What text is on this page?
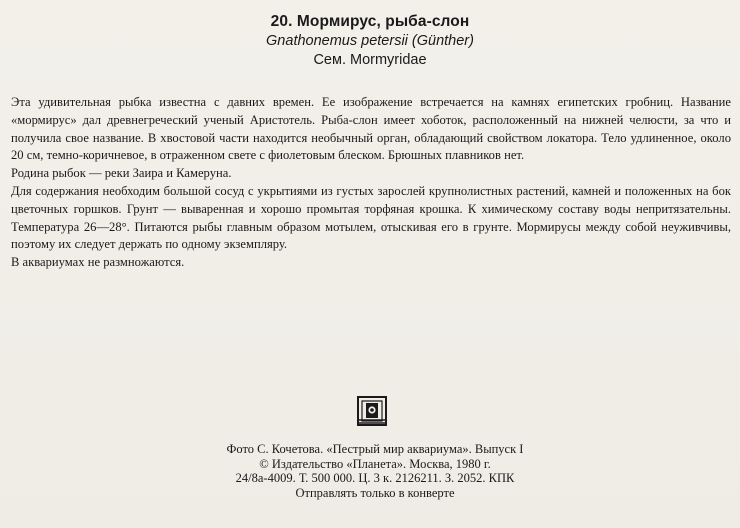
20. Мормирус, рыба-слон
Gnathonemus petersii (Günther)
Сем. Mormyridae

Эта удивительная рыбка известна с давних времен. Ее изображение встречается на камнях египетских гробниц. Название «мормирус» дал древнегреческий ученый Аристотель. Рыба-слон имеет хоботок, расположенный на нижней челюсти, за что и получила свое название. В хвостовой части находится необычный орган, обладающий свойством локатора. Тело удлиненное, около 20 см, темно-коричневое, в отраженном свете с фиолетовым блеском. Брюшных плавников нет.

Родина рыбок — реки Заира и Камеруна.

Для содержания необходим большой сосуд с укрытиями из густых зарослей крупнолистных растений, камней и положенных на бок цветочных горшков. Грунт — вываренная и хорошо промытая торфяная крошка. К химическому составу воды непритязательны. Температура 26—28°. Питаются рыбы главным образом мотылем, отыскивая его в грунте. Мормирусы между собой неуживчивы, поэтому их следует держать по одному экземпляру.

В аквариумах не размножаются.

Фото С. Кочетова. «Пестрый мир аквариума». Выпуск I
© Издательство «Планета». Москва, 1980 г.
24/8а-4009. Т. 500 000. Ц. 3 к. 2126211. З. 2052. КПК
Отправлять только в конверте
